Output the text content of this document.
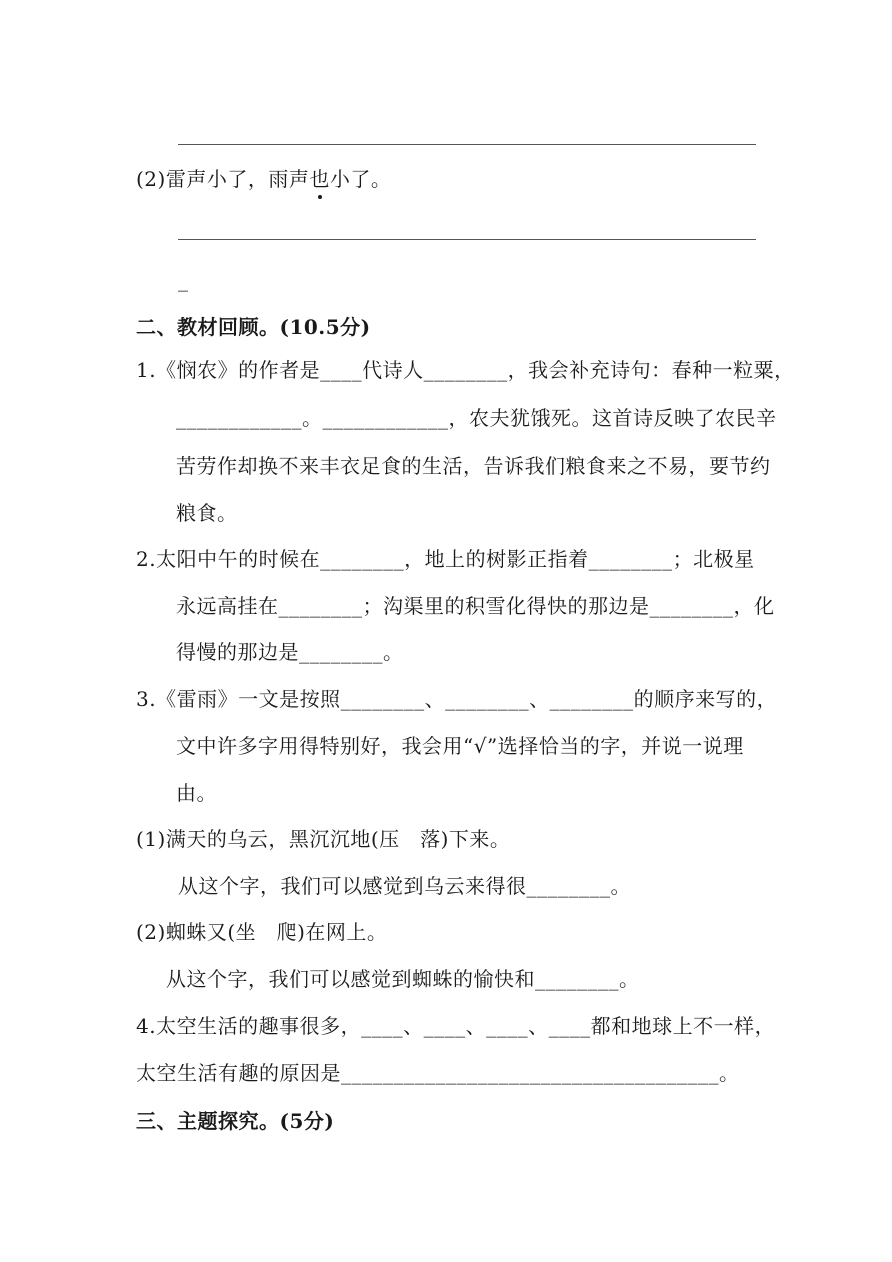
(2)雷声小了，雨声也小了。
_
二、教材回顾。(10.5分)
1.《悯农》的作者是____代诗人________，我会补充诗句：春种一粒粟，
____________。____________，农夫犹饿死。这首诗反映了农民辛
苦劳作却换不来丰衣足食的生活，告诉我们粮食来之不易，要节约
粮食。
2.太阳中午的时候在________，地上的树影正指着________；北极星
永远高挂在________；沟渠里的积雪化得快的那边是________，化
得慢的那边是________。
3.《雷雨》一文是按照________、________、________的顺序来写的，
文中许多字用得特别好，我会用“√”选择恰当的字，并说一说理
由。
(1)满天的乌云，黑沉沉地(压　落)下来。
从这个字，我们可以感觉到乌云来得很________。
(2)蜘蛛又(坐　爬)在网上。
从这个字，我们可以感觉到蜘蛛的愉快和________。
4.太空生活的趣事很多，____、____、____、____都和地球上不一样，
太空生活有趣的原因是____________________________________。
三、主题探究。(5分)
